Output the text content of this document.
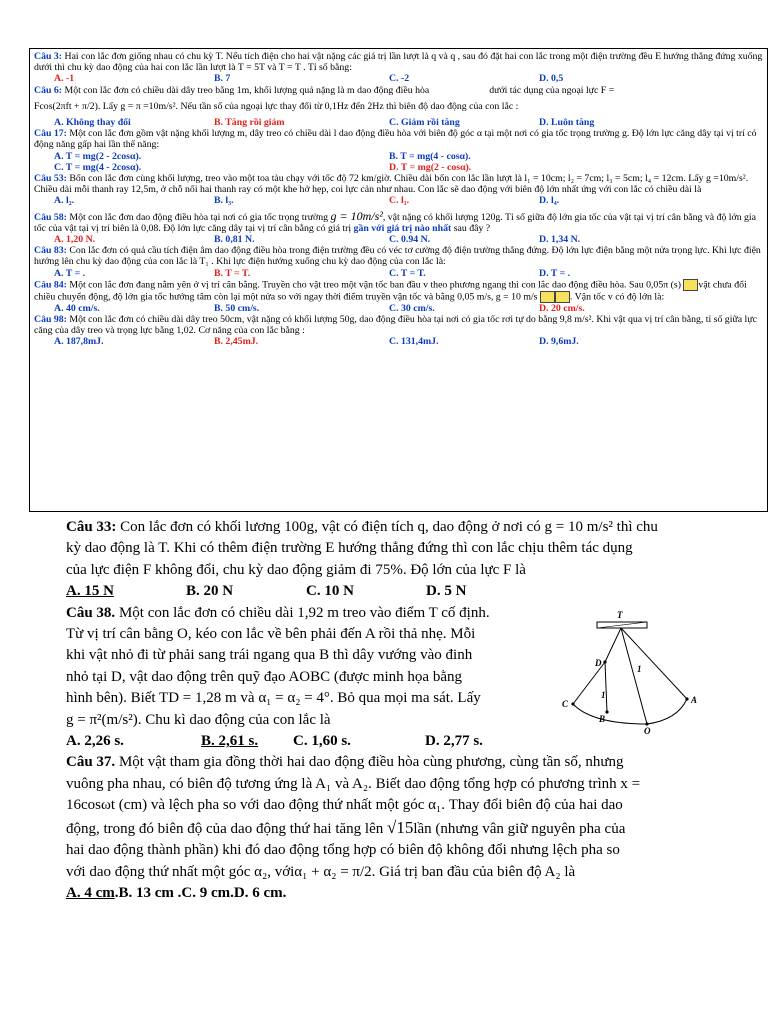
Câu 3: Hai con lắc đơn giống nhau có chu kỳ T. Nếu tích điện cho hai vật nặng các giá trị lần lượt là q và q , sau đó đặt hai con lắc trong một điện trường đều E hướng thẳng đứng xuống dưới thì chu kỳ dao động của hai con lắc lần lượt là T = 5T và T = T . Tỉ số bằng:

A. -1	B. 7	C. -2	D. 0,5

Câu 6: Một con lắc đơn có chiều dài dây treo bằng 1m, khối lượng quả nặng là m dao động điều hòa	dưới tác dụng của ngoại lực F =

Fcos(2πft + π/2). Lấy g = π =10m/s². Nếu tần số của ngoại lực thay đổi từ 0,1Hz đến 2Hz thì biên độ dao động của con lắc :

A. Không thay đổi	B. Tăng rồi giảm	C. Giảm rồi tăng	D. Luôn tăng

Câu 17: Một con lắc đơn gồm vật nặng khối lượng m, dây treo có chiều dài l dao động điều hòa với biên độ góc α tại một nơi có gia tốc trọng trường g. Độ lớn lực căng dây tại vị trí có động năng gấp hai lần thế năng:

A. T = mg(2 - 2cosα).	B. T = mg(4 - cosα).
C. T = mg(4 - 2cosα).	D. T = mg(2 - cosα).

Câu 53: Bốn con lắc đơn cùng khối lượng, treo vào một toa tàu chạy với tốc độ 72 km/giờ. Chiều dài bốn con lắc lần lượt là l₁ = 10cm; l₂ = 7cm; l₃ = 5cm; l₄ = 12cm. Lấy g =10m/s². Chiều dài mỗi thanh ray 12,5m, ở chỗ nối hai thanh ray có một khe hở hẹp, coi lực cản như nhau. Con lắc sẽ dao động với biên độ lớn nhất ứng với con lắc có chiều dài là

A. l₂.	B. l₃.	C. l₁.	D. l₄.

Câu 58: Một con lắc đơn dao động điều hòa tại nơi có gia tốc trọng trường g = 10m/s², vật nặng có khối lượng 120g. Tỉ số giữa độ lớn gia tốc của vật tại vị trí cân bằng và độ lớn gia tốc của vật tại vị trí biên là 0,08. Độ lớn lực căng dây tại vị trí cân bằng có giá trị gần với giá trị nào nhất sau đây ?

A. 1,20 N.	B. 0,81 N.	C. 0.94 N.	D. 1,34 N.

Câu 83: Con lắc đơn có quả cầu tích điện âm dao động điều hòa trong điện trường đều có véc tơ cường độ điện trường thẳng đứng. Độ lớn lực điện bằng một nửa trọng lực. Khi lực điện hướng lên chu kỳ dao động của con lắc là T₁ . Khi lực điện hướng xuống chu kỳ dao động của con lắc là:

A. T = .	B. T = T.	C. T = T.	D. T = .

Câu 84: Một con lắc đơn đang nằm yên ở vị trí cân bằng. Truyền cho vật treo một vận tốc ban đầu v theo phương ngang thì con lắc dao động điều hòa. Sau 0,05π (s) vật chưa đổi chiều chuyển động, độ lớn gia tốc hướng tâm còn lại một nửa so với ngay thời điểm truyền vận tốc và bằng 0,05 m/s, g = 10 m/s	. Vận tốc v có độ lớn là:

A. 40 cm/s.	B. 50 cm/s.	C. 30 cm/s.	D. 20 cm/s.

Câu 98: Một con lắc đơn có chiều dài dây treo 50cm, vật nặng có khối lượng 50g, dao động điều hòa tại nơi có gia tốc rơi tự do bằng 9,8 m/s². Khi vật qua vị trí cân bằng, tỉ số giữa lực căng của dây treo và trọng lực bằng 1,02. Cơ năng của con lắc bằng :

A. 187,8mJ.	B. 2,45mJ.	C. 131,4mJ.	D. 9,6mJ.

Câu 33: Con lắc đơn có khối lương 100g, vật có điện tích q, dao động ở nơi có g = 10 m/s² thì chu

kỳ dao động là T. Khi có thêm điện trường E hướng thẳng đứng thì con lắc chịu thêm tác dụng

của lực điện F không đổi, chu kỳ dao động giảm đi 75%. Độ lớn của lực F là

A. 15 N	B. 20 N	C. 10 N	D. 5 N

Câu 38. Một con lắc đơn có chiều dài 1,92 m treo vào điểm T cố định.

Từ vị trí cân bằng O, kéo con lắc về bên phải đến A rồi thả nhẹ. Mỗi

khi vật nhỏ đi từ phải sang trái ngang qua B thì dây vướng vào đinh

nhỏ tại D, vật dao động trên quỹ đạo AOBC (được minh họa bằng

hình bên). Biết TD = 1,28 m và α₁ = α₂ = 4°. Bỏ qua mọi ma sát. Lấy

g = π²(m/s²). Chu kì dao động của con lắc là

A. 2,26 s.	B. 2,61 s.	C. 1,60 s.	D. 2,77 s.

Câu 37. Một vật tham gia đồng thời hai dao động điều hòa cùng phương, cùng tần số, nhưng

vuông pha nhau, có biên độ tương ứng là A₁ và A₂. Biết dao động tổng hợp có phương trình x =

16cosωt (cm) và lệch pha so với dao động thứ nhất một góc α₁. Thay đổi biên độ của hai dao

động, trong đó biên độ của dao động thứ hai tăng lên √15lần (nhưng vân giữ nguyên pha của

hai dao động thành phần) khi đó dao động tổng hợp có biên độ không đổi nhưng lệch pha so

với dao động thứ nhất một góc α₂, vớiα₁ + α₂ = π/2. Giá trị ban đầu của biên độ A₂ là

A. 4 cm.B. 13 cm .C. 9 cm.D. 6 cm.

T
D
C
B
O
A
1
1
